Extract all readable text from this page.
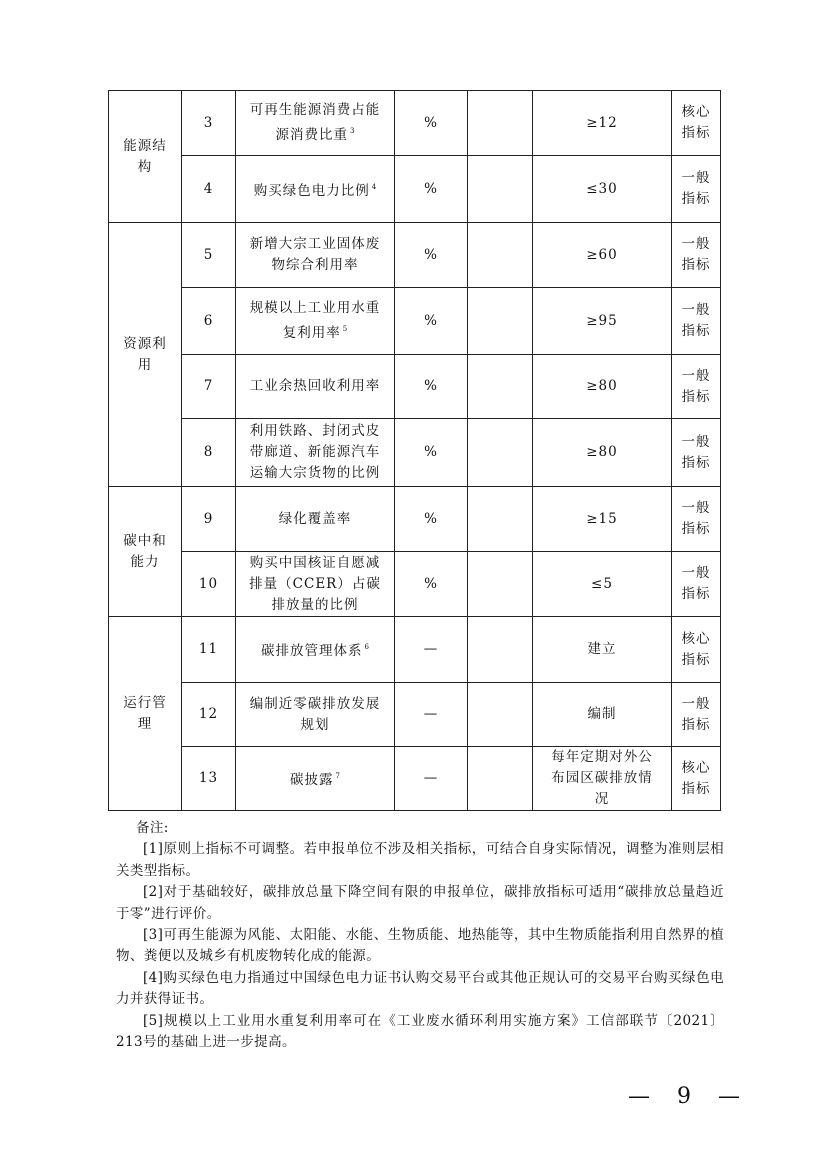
能源结构	3	可再生能源消费占能源消费比重 $^3$	%		≥12	核心指标
	4	购买绿色电力比例 $^4$	%		≤30	一般指标
资源利用	5	新增大宗工业固体废物综合利用率	%		≥60	一般指标
	6	规模以上工业用水重复利用率 $^5$	%		≥95	一般指标
	7	工业余热回收利用率	%		≥80	一般指标
	8	利用铁路、封闭式皮带廊道、新能源汽车运输大宗货物的比例	%		≥80	一般指标
碳中和能力	9	绿化覆盖率	%		≥15	一般指标
	10	购买中国核证自愿减排量（CCER）占碳排放量的比例	%		≤5	一般指标
运行管理	11	碳排放管理体系 $^6$	—		建立	核心指标
	12	编制近零碳排放发展规划	—		编制	一般指标
	13	碳披露 $^7$	—		每年定期对外公布园区碳排放情况	核心指标

备注:

[1]原则上指标不可调整。若申报单位不涉及相关指标，可结合自身实际情况，调整为准则层相关类型指标。

[2]对于基础较好，碳排放总量下降空间有限的申报单位，碳排放指标可适用“碳排放总量趋近于零”进行评价。

[3]可再生能源为风能、太阳能、水能、生物质能、地热能等，其中生物质能指利用自然界的植物、粪便以及城乡有机废物转化成的能源。

[4]购买绿色电力指通过中国绿色电力证书认购交易平台或其他正规认可的交易平台购买绿色电力并获得证书。

[5]规模以上工业用水重复利用率可在《工业废水循环利用实施方案》工信部联节〔2021〕213号的基础上进一步提高。

— 9 —
